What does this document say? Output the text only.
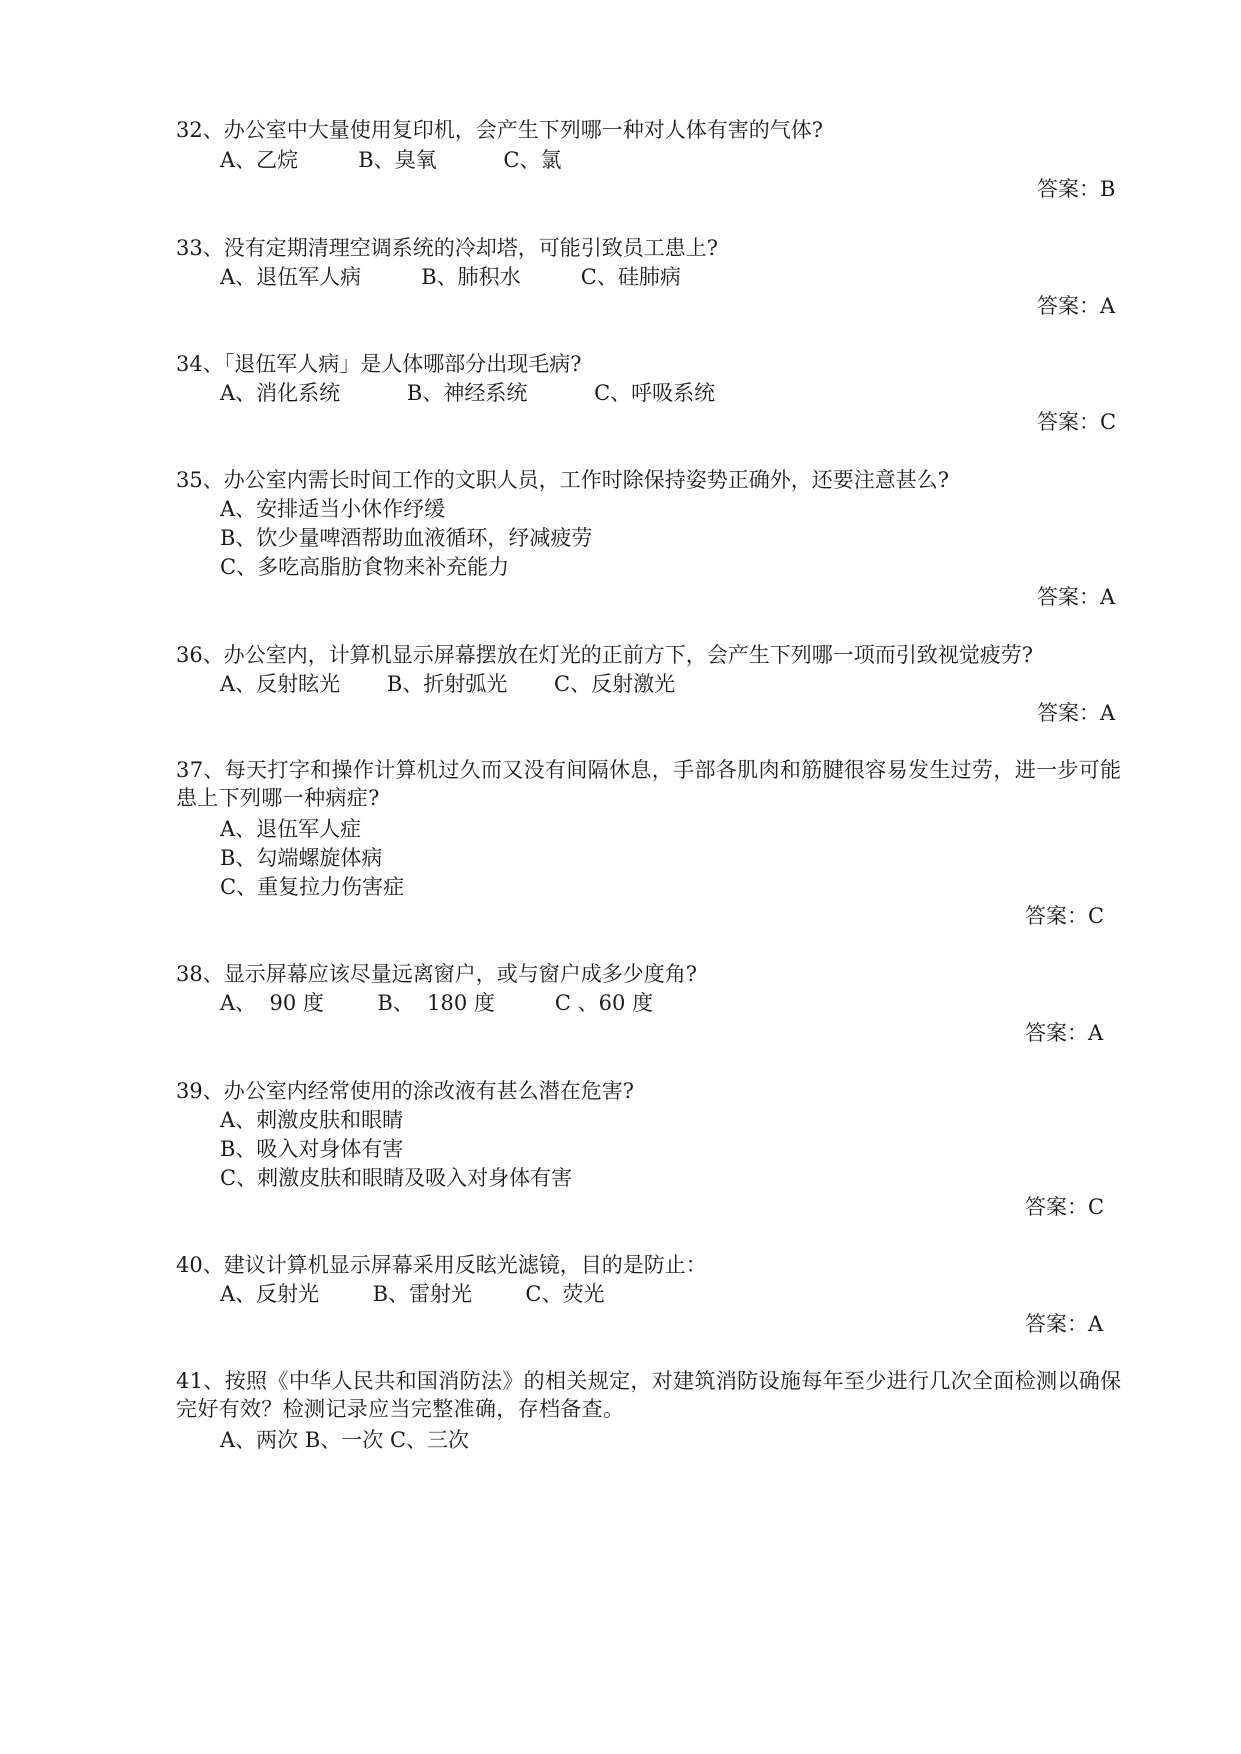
32、办公室中大量使用复印机，会产生下列哪一种对人体有害的气体?
A、乙烷         B、臭氧          C、氯
答案：B
33、没有定期清理空调系统的冷却塔，可能引致员工患上?
A、退伍军人病         B、肺积水         C、硅肺病
答案：A
34、「退伍军人病」是人体哪部分出现毛病?
A、消化系统          B、神经系统          C、呼吸系统
答案：C
35、办公室内需长时间工作的文职人员，工作时除保持姿势正确外，还要注意甚么?
A、安排适当小休作纾缓
B、饮少量啤酒帮助血液循环，纾减疲劳
C、多吃高脂肪食物来补充能力
答案：A
36、办公室内，计算机显示屏幕摆放在灯光的正前方下，会产生下列哪一项而引致视觉疲劳?
A、反射眩光       B、折射弧光       C、反射激光
答案：A
37、每天打字和操作计算机过久而又没有间隔休息，手部各肌肉和筋腱很容易发生过劳，进一步可能患上下列哪一种病症?
A、退伍军人症
B、勾端螺旋体病
C、重复拉力伤害症
答案：C
38、显示屏幕应该尽量远离窗户，或与窗户成多少度角?
A、  90 度        B、  180 度         C 、60 度
答案：A
39、办公室内经常使用的涂改液有甚么潜在危害?
A、刺激皮肤和眼睛
B、吸入对身体有害
C、刺激皮肤和眼睛及吸入对身体有害
答案：C
40、建议计算机显示屏幕采用反眩光滤镜，目的是防止：
A、反射光        B、雷射光        C、荧光
答案：A
41、按照《中华人民共和国消防法》的相关规定，对建筑消防设施每年至少进行几次全面检测以确保完好有效？检测记录应当完整准确，存档备查。
A、两次 B、一次 C、三次
